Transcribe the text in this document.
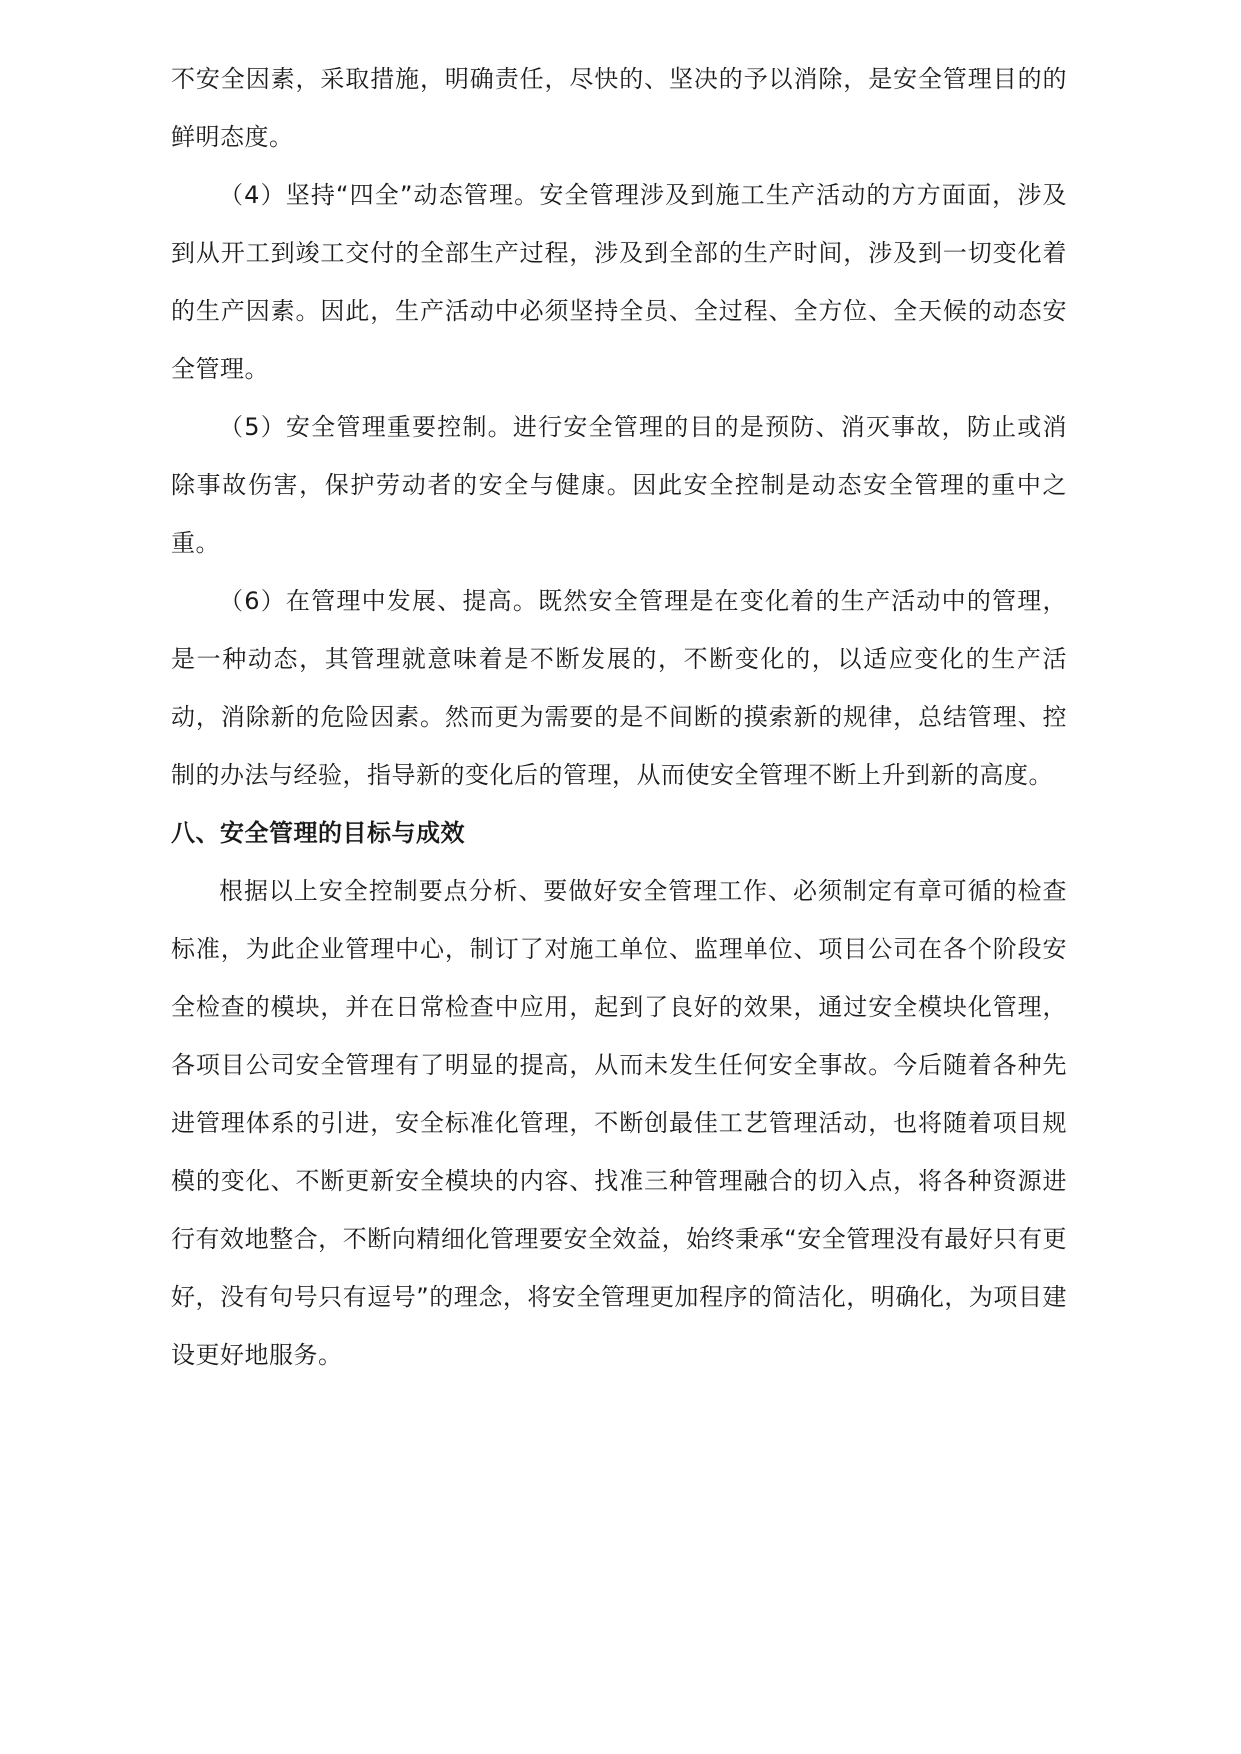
不安全因素，采取措施，明确责任，尽快的、坚决的予以消除，是安全管理目的的鲜明态度。

（4）坚持“四全”动态管理。安全管理涉及到施工生产活动的方方面面，涉及到从开工到竣工交付的全部生产过程，涉及到全部的生产时间，涉及到一切变化着的生产因素。因此，生产活动中必须坚持全员、全过程、全方位、全天候的动态安全管理。

（5）安全管理重要控制。进行安全管理的目的是预防、消灭事故，防止或消除事故伤害，保护劳动者的安全与健康。因此安全控制是动态安全管理的重中之重。

（6）在管理中发展、提高。既然安全管理是在变化着的生产活动中的管理，是一种动态，其管理就意味着是不断发展的，不断变化的，以适应变化的生产活动，消除新的危险因素。然而更为需要的是不间断的摸索新的规律，总结管理、控制的办法与经验，指导新的变化后的管理，从而使安全管理不断上升到新的高度。

八、安全管理的目标与成效

根据以上安全控制要点分析、要做好安全管理工作、必须制定有章可循的检查标准，为此企业管理中心，制订了对施工单位、监理单位、项目公司在各个阶段安全检查的模块，并在日常检查中应用，起到了良好的效果，通过安全模块化管理，各项目公司安全管理有了明显的提高，从而未发生任何安全事故。今后随着各种先进管理体系的引进，安全标准化管理，不断创最佳工艺管理活动，也将随着项目规模的变化、不断更新安全模块的内容、找准三种管理融合的切入点，将各种资源进行有效地整合，不断向精细化管理要安全效益，始终秉承“安全管理没有最好只有更好，没有句号只有逗号”的理念，将安全管理更加程序的简洁化，明确化，为项目建设更好地服务。
